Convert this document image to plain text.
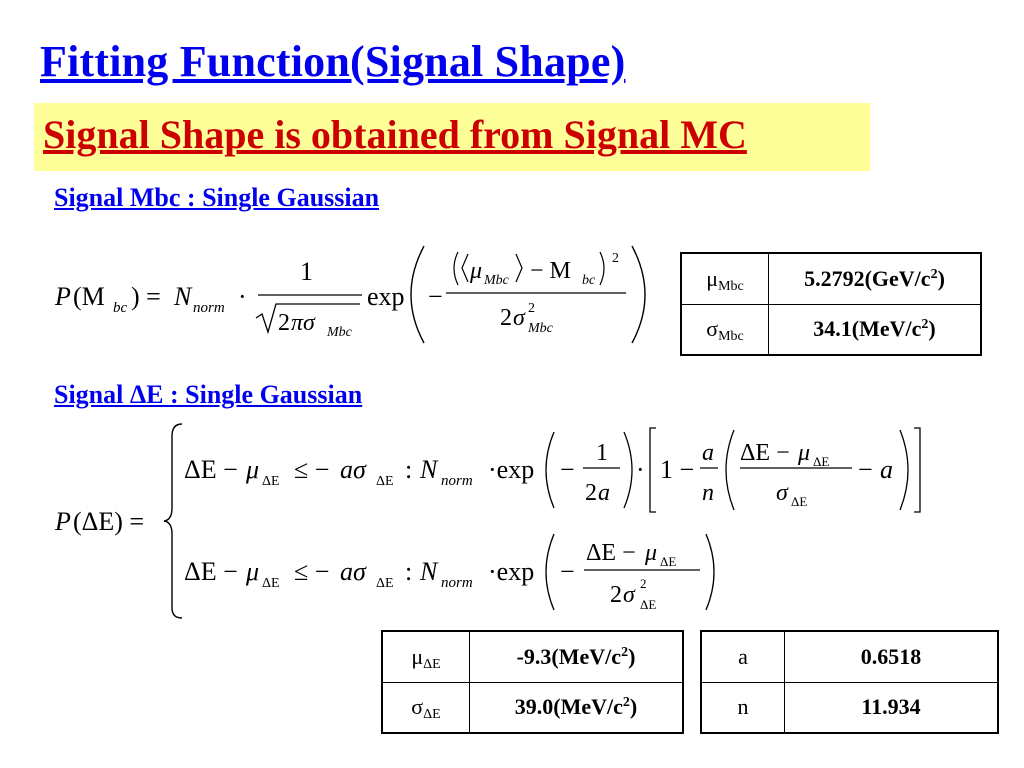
Fitting Function(Signal Shape)
Signal Shape is obtained from Signal MC
Signal Mbc : Single Gaussian
P (M bc ) = N norm ·
1
2 πσ Mbc
exp −
μ Mbc − M bc
2
2 σ 2
Mbc
$\mu_{Mbc}$	$5.2792(GeV/c^2)$
$\sigma_{Mbc}$	$34.1(MeV/c^2)$
Signal ΔE : Single Gaussian
P (ΔE) =
ΔE − μ ΔE ≤ − aσ ΔE : N norm ·exp −
1
2 a
· 1 −
a
n
ΔE − μ ΔE
σ ΔE
− a
ΔE − μ ΔE ≤ − aσ ΔE : N norm ·exp −
ΔE − μ ΔE
2 σ 2
ΔE
$\mu_{\Delta E}$	$-9.3(MeV/c^2)$
$\sigma_{\Delta E}$	$39.0(MeV/c^2)$
a	0.6518
n	11.934
